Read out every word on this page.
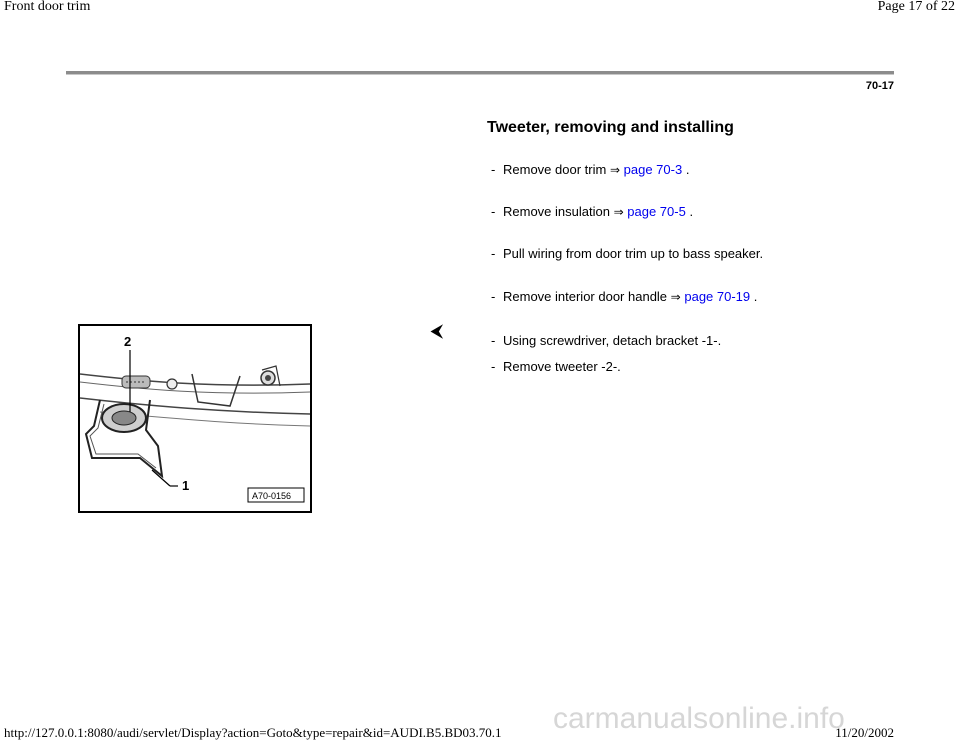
Front door trim	Page 17 of 22
70-17
Tweeter, removing and installing
- Remove door trim ⇒ page 70-3 .
- Remove insulation ⇒ page 70-5 .
- Pull wiring from door trim up to bass speaker.
- Remove interior door handle ⇒ page 70-19 .
⮜
- Using screwdriver, detach bracket -1-.
- Remove tweeter -2-.
2
1
A70-0156
carmanualsonline.info
http://127.0.0.1:8080/audi/servlet/Display?action=Goto&type=repair&id=AUDI.B5.BD03.70.1	11/20/2002
